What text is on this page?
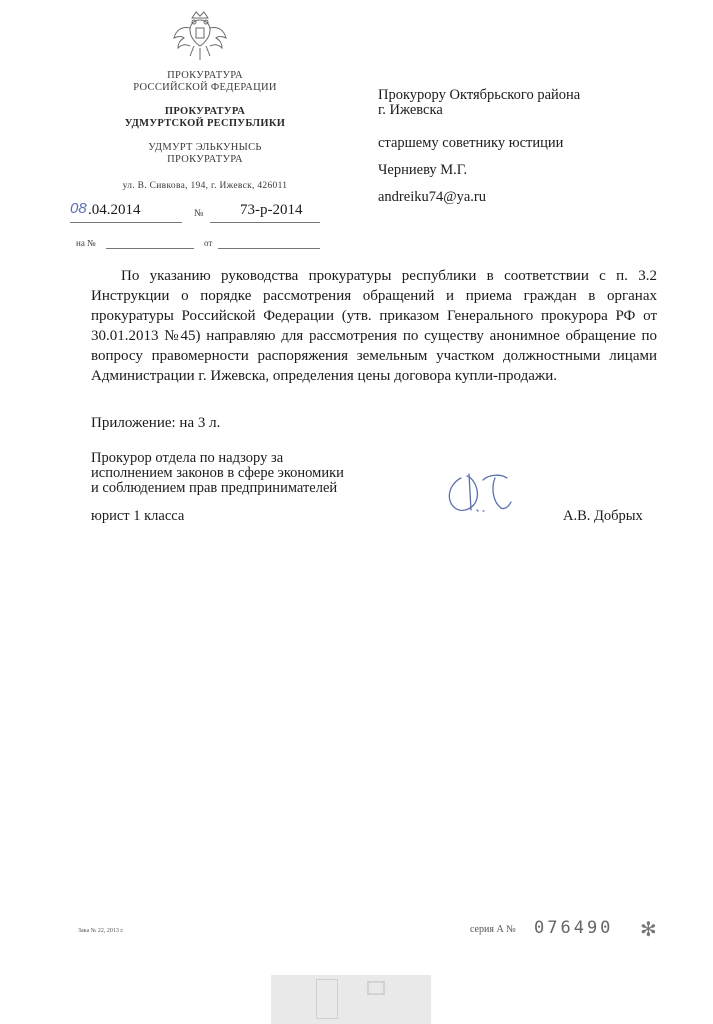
ПРОКУРАТУРА
РОССИЙСКОЙ ФЕДЕРАЦИИ
ПРОКУРАТУРА
УДМУРТСКОЙ РЕСПУБЛИКИ
УДМУРТ ЭЛЬКУНЫСЬ
ПРОКУРАТУРА
ул. В. Сивкова, 194, г. Ижевск, 426011
08 .04.2014	№ 73-р-2014
на №	от
Прокурору Октябрьского района
г. Ижевска
старшему советнику юстиции
Черниеву М.Г.
andreiku74@ya.ru

По указанию руководства прокуратуры республики в соответствии с п. 3.2 Инструкции о порядке рассмотрения обращений и приема граждан в органах прокуратуры Российской Федерации (утв. приказом Генерального прокурора РФ от 30.01.2013 №45) направляю для рассмотрения по существу анонимное обращение по вопросу правомерности распоряжения земельным участком должностными лицами Администрации г. Ижевска, определения цены договора купли-продажи.

Приложение: на 3 л.
Прокурор отдела по надзору за
исполнением законов в сфере экономики
и соблюдением прав предпринимателей
юрист 1 класса	А.В. Добрых
Зака № 22, 2013 г.	серия А № 076490 ✻
